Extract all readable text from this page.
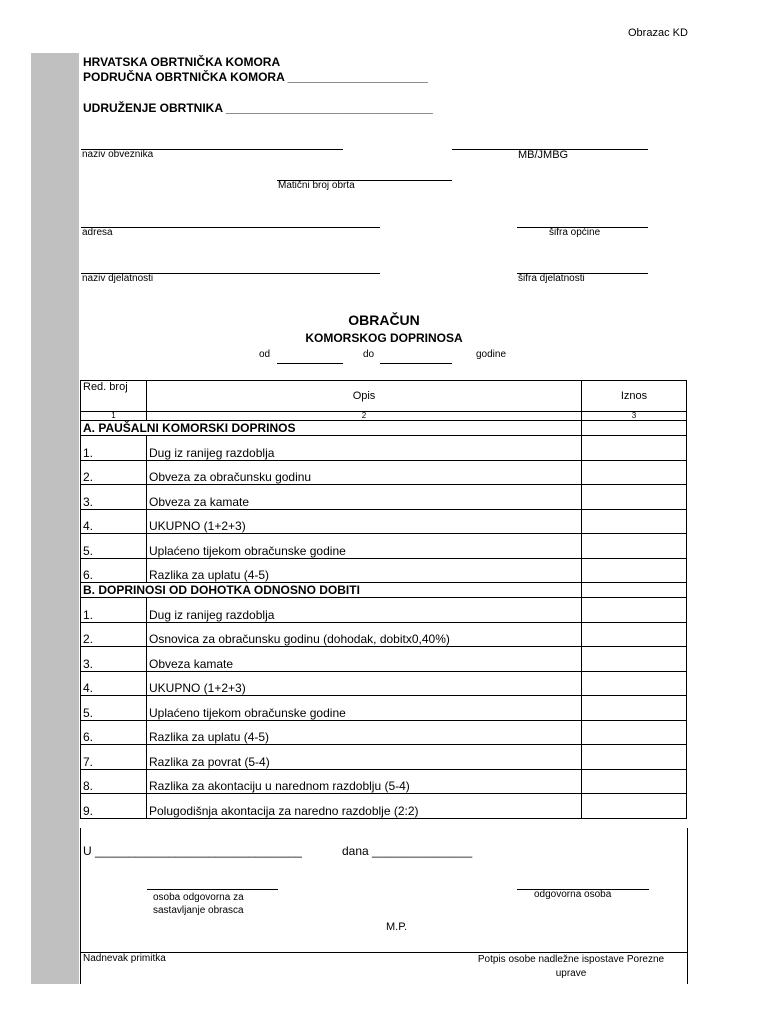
Obrazac KD
HRVATSKA OBRTNIČKA KOMORA
PODRUČNA OBRTNIČKA KOMORA _____________________
UDRUŽENJE OBRTNIKA _______________________________
naziv obveznika	MB/JMBG
Matični broj obrta
adresa	šifra općine
naziv djelatnosti	šifra djelatnosti
OBRAČUN
KOMORSKOG DOPRINOSA
od	do	godine
Red. broj	Opis	Iznos
1	2	3
A. PAUŠALNI KOMORSKI DOPRINOS		
1.	Dug iz ranijeg razdoblja	
2.	Obveza za obračunsku godinu	
3.	Obveza za kamate	
4.	UKUPNO (1+2+3)	
5.	Uplaćeno tijekom obračunske godine	
6.	Razlika za uplatu (4-5)	
B. DOPRINOSI OD DOHOTKA ODNOSNO DOBITI		
1.	Dug iz ranijeg razdoblja	
2.	Osnovica za obračunsku godinu (dohodak, dobitx0,40%)	
3.	Obveza kamate	
4.	UKUPNO (1+2+3)	
5.	Uplaćeno tijekom obračunske godine	
6.	Razlika za uplatu (4-5)	
7.	Razlika za povrat (5-4)	
8.	Razlika za akontaciju u narednom razdoblju (5-4)	
9.	Polugodišnja akontacija za naredno razdoblje (2:2)	
U _______________________________	dana _______________
osoba odgovorna za
sastavljanje obrasca
odgovorna osoba
M.P.
Nadnevak primitka	Potpis osobe nadležne ispostave Porezne
uprave
